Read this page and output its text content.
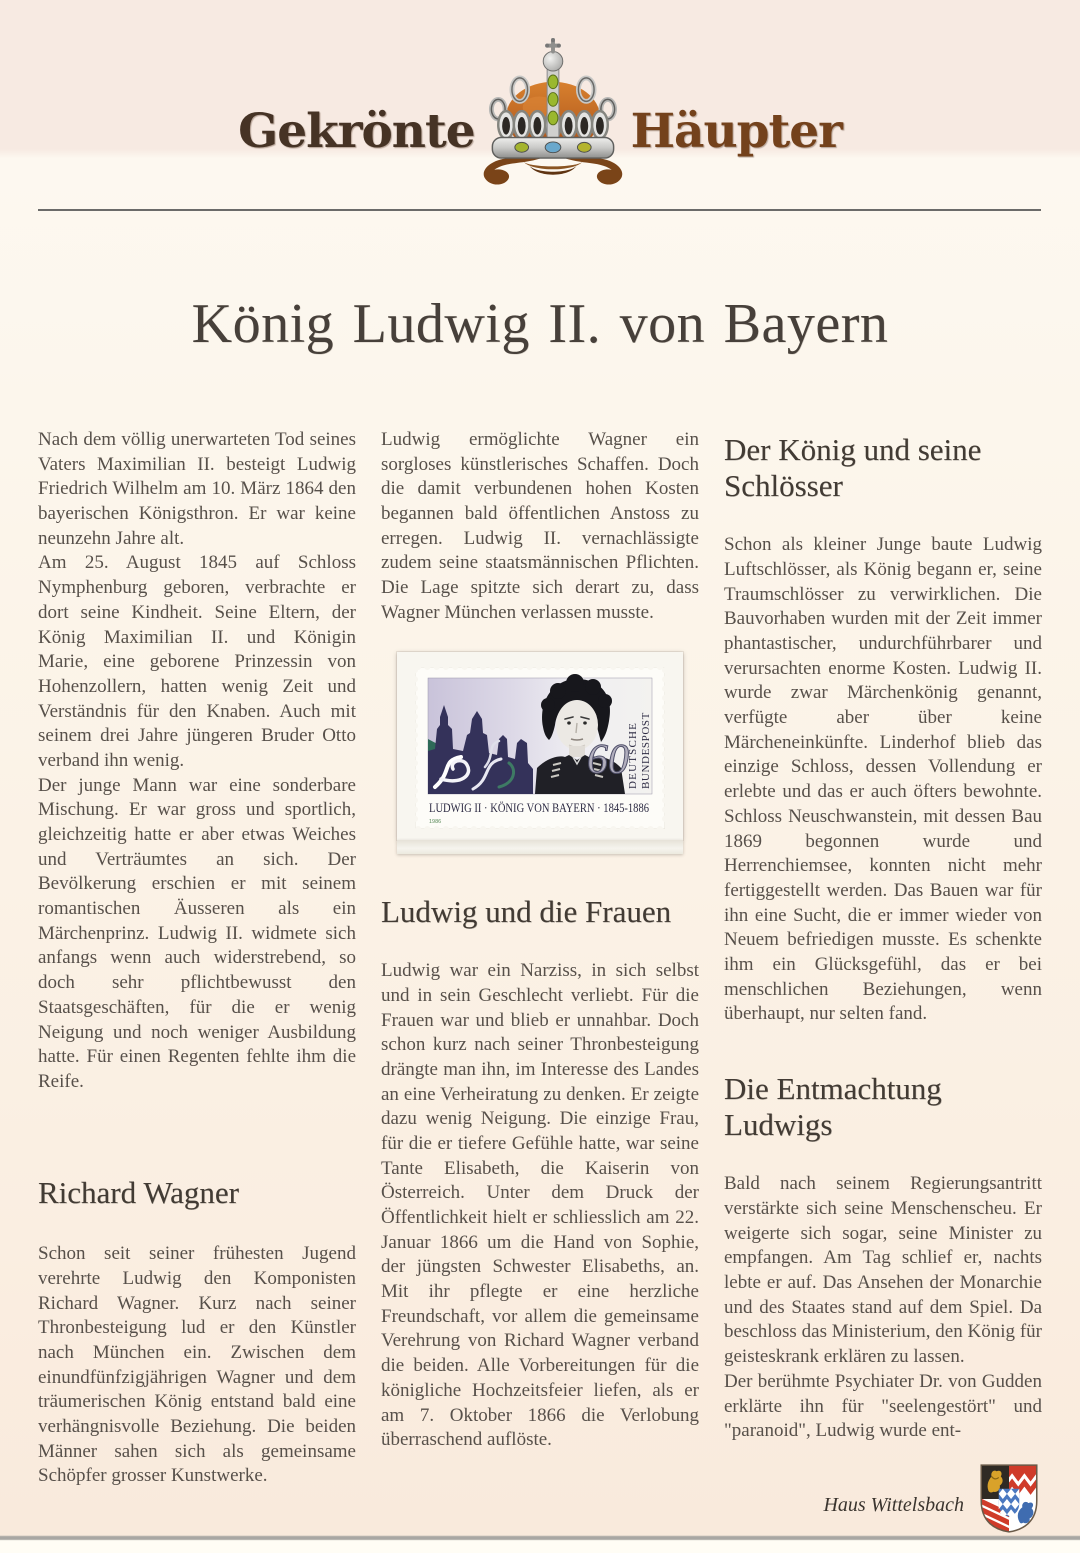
Gekrönte	Häupter
König Ludwig II. von Bayern

Nach dem völlig unerwarteten Tod seines Vaters Maximilian II. besteigt Ludwig Friedrich Wilhelm am 10. März 1864 den bayerischen Königsthron. Er war keine neunzehn Jahre alt.

Am 25. August 1845 auf Schloss Nymphenburg geboren, verbrachte er dort seine Kindheit. Seine Eltern, der König Maximilian II. und Königin Marie, eine geborene Prinzessin von Hohenzollern, hatten wenig Zeit und Verständnis für den Knaben. Auch mit seinem drei Jahre jüngeren Bruder Otto verband ihn wenig.

Der junge Mann war eine sonderbare Mischung. Er war gross und sportlich, gleichzeitig hatte er aber etwas Weiches und Verträumtes an sich. Der Bevölkerung erschien er mit seinem romantischen Äusseren als ein Märchenprinz. Ludwig II. widmete sich anfangs wenn auch widerstrebend, so doch sehr pflichtbewusst den Staatsgeschäften, für die er wenig Neigung und noch weniger Ausbildung hatte. Für einen Regenten fehlte ihm die Reife.

Richard Wagner

Schon seit seiner frühesten Jugend verehrte Ludwig den Komponisten Richard Wagner. Kurz nach seiner Thronbesteigung lud er den Künstler nach München ein. Zwischen dem einundfünfzigjährigen Wagner und dem träumerischen König entstand bald eine verhängnisvolle Beziehung. Die beiden Männer sahen sich als gemeinsame Schöpfer grosser Kunstwerke.

Ludwig ermöglichte Wagner ein sorgloses künstlerisches Schaffen. Doch die damit verbundenen hohen Kosten begannen bald öffentlichen Anstoss zu erregen. Ludwig II. vernachlässigte zudem seine staatsmännischen Pflichten. Die Lage spitzte sich derart zu, dass Wagner München verlassen musste.

60
DEUTSCHE BUNDESPOST
LUDWIG II · KÖNIG VON BAYERN · 1845-1886
1986
Ludwig und die Frauen

Ludwig war ein Narziss, in sich selbst und in sein Geschlecht verliebt. Für die Frauen war und blieb er unnahbar. Doch schon kurz nach seiner Thronbesteigung drängte man ihn, im Interesse des Landes an eine Verheiratung zu denken. Er zeigte dazu wenig Neigung. Die einzige Frau, für die er tiefere Gefühle hatte, war seine Tante Elisabeth, die Kaiserin von Österreich. Unter dem Druck der Öffentlichkeit hielt er schliesslich am 22. Januar 1866 um die Hand von Sophie, der jüngsten Schwester Elisabeths, an. Mit ihr pflegte er eine herzliche Freundschaft, vor allem die gemeinsame Verehrung von Richard Wagner verband die beiden. Alle Vorbereitungen für die königliche Hochzeitsfeier liefen, als er am 7. Oktober 1866 die Verlobung überraschend auflöste.

Der König und seine Schlösser

Schon als kleiner Junge baute Ludwig Luftschlösser, als König begann er, seine Traumschlösser zu verwirklichen. Die Bauvorhaben wurden mit der Zeit immer phantastischer, undurchführbarer und verursachten enorme Kosten. Ludwig II. wurde zwar Märchenkönig genannt, verfügte aber über keine Märcheneinkünfte. Linderhof blieb das einzige Schloss, dessen Vollendung er erlebte und das er auch öfters bewohnte. Schloss Neuschwanstein, mit dessen Bau 1869 begonnen wurde und Herrenchiemsee, konnten nicht mehr fertiggestellt werden. Das Bauen war für ihn eine Sucht, die er immer wieder von Neuem befriedigen musste. Es schenkte ihm ein Glücksgefühl, das er bei menschlichen Beziehungen, wenn überhaupt, nur selten fand.

Die Entmachtung Ludwigs

Bald nach seinem Regierungsantritt verstärkte sich seine Menschenscheu. Er weigerte sich sogar, seine Minister zu empfangen. Am Tag schlief er, nachts lebte er auf. Das Ansehen der Monarchie und des Staates stand auf dem Spiel. Da beschloss das Ministerium, den König für geisteskrank erklären zu lassen.

Der berühmte Psychiater Dr. von Gudden erklärte ihn für "seelengestört" und "paranoid", Ludwig wurde ent-

Haus Wittelsbach
